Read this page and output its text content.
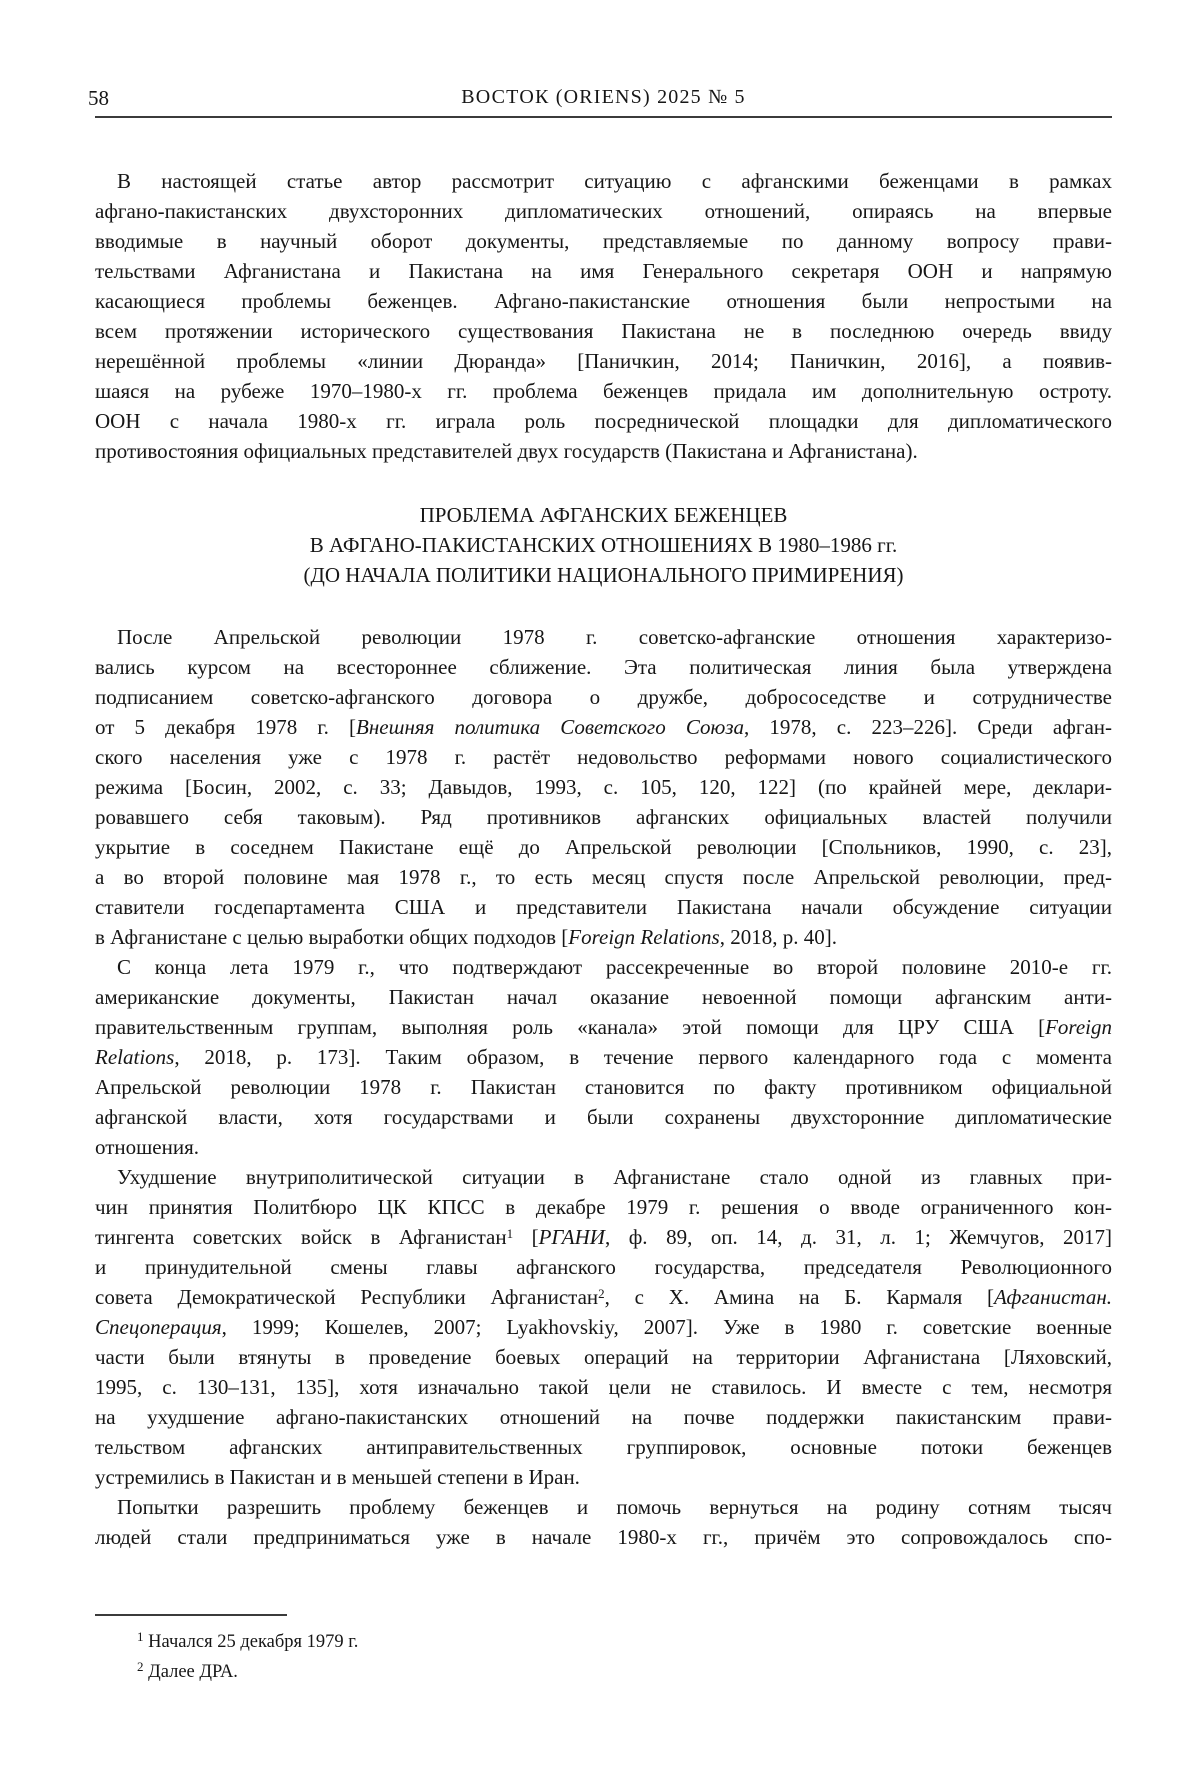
58	ВОСТОК (ORIENS) 2025 № 5
В настоящей статье автор рассмотрит ситуацию с афганскими беженцами в рамках
афгано-пакистанских двухсторонних дипломатических отношений, опираясь на впервые
вводимые в научный оборот документы, представляемые по данному вопросу прави-
тельствами Афганистана и Пакистана на имя Генерального секретаря ООН и напрямую
касающиеся проблемы беженцев. Афгано-пакистанские отношения были непростыми на
всем протяжении исторического существования Пакистана не в последнюю очередь ввиду
нерешённой проблемы «линии Дюранда» [Паничкин, 2014; Паничкин, 2016], а появив-
шаяся на рубеже 1970–1980-х гг. проблема беженцев придала им дополнительную остроту.
ООН с начала 1980-х гг. играла роль посреднической площадки для дипломатического
противостояния официальных представителей двух государств (Пакистана и Афганистана).
ПРОБЛЕМА АФГАНСКИХ БЕЖЕНЦЕВ
В АФГАНО-ПАКИСТАНСКИХ ОТНОШЕНИЯХ В 1980–1986 гг.
(ДО НАЧАЛА ПОЛИТИКИ НАЦИОНАЛЬНОГО ПРИМИРЕНИЯ)
После Апрельской революции 1978 г. советско-афганские отношения характеризо-
вались курсом на всестороннее сближение. Эта политическая линия была утверждена
подписанием советско-афганского договора о дружбе, добрососедстве и сотрудничестве
от 5 декабря 1978 г. [Внешняя политика Советского Союза, 1978, с. 223–226]. Среди афган-
ского населения уже с 1978 г. растёт недовольство реформами нового социалистического
режима [Босин, 2002, с. 33; Давыдов, 1993, с. 105, 120, 122] (по крайней мере, деклари-
ровавшего себя таковым). Ряд противников афганских официальных властей получили
укрытие в соседнем Пакистане ещё до Апрельской революции [Спольников, 1990, с. 23],
а во второй половине мая 1978 г., то есть месяц спустя после Апрельской революции, пред-
ставители госдепартамента США и представители Пакистана начали обсуждение ситуации
в Афганистане с целью выработки общих подходов [Foreign Relations, 2018, p. 40].
С конца лета 1979 г., что подтверждают рассекреченные во второй половине 2010-е гг.
американские документы, Пакистан начал оказание невоенной помощи афганским анти-
правительственным группам, выполняя роль «канала» этой помощи для ЦРУ США [Foreign
Relations, 2018, p. 173]. Таким образом, в течение первого календарного года с момента
Апрельской революции 1978 г. Пакистан становится по факту противником официальной
афганской власти, хотя государствами и были сохранены двухсторонние дипломатические
отношения.
Ухудшение внутриполитической ситуации в Афганистане стало одной из главных при-
чин принятия Политбюро ЦК КПСС в декабре 1979 г. решения о вводе ограниченного кон-
тингента советских войск в Афганистан$^1$ [РГАНИ, ф. 89, оп. 14, д. 31, л. 1; Жемчугов, 2017]
и принудительной смены главы афганского государства, председателя Революционного
совета Демократической Республики Афганистан$^2$, с Х. Амина на Б. Кармаля [Афганистан.
Спецоперация, 1999; Кошелев, 2007; Lyakhovskiy, 2007]. Уже в 1980 г. советские военные
части были втянуты в проведение боевых операций на территории Афганистана [Ляховский,
1995, с. 130–131, 135], хотя изначально такой цели не ставилось. И вместе с тем, несмотря
на ухудшение афгано-пакистанских отношений на почве поддержки пакистанским прави-
тельством афганских антиправительственных группировок, основные потоки беженцев
устремились в Пакистан и в меньшей степени в Иран.
Попытки разрешить проблему беженцев и помочь вернуться на родину сотням тысяч
людей стали предприниматься уже в начале 1980-х гг., причём это сопровождалось спо-
$^1$ Начался 25 декабря 1979 г.
$^2$ Далее ДРА.
